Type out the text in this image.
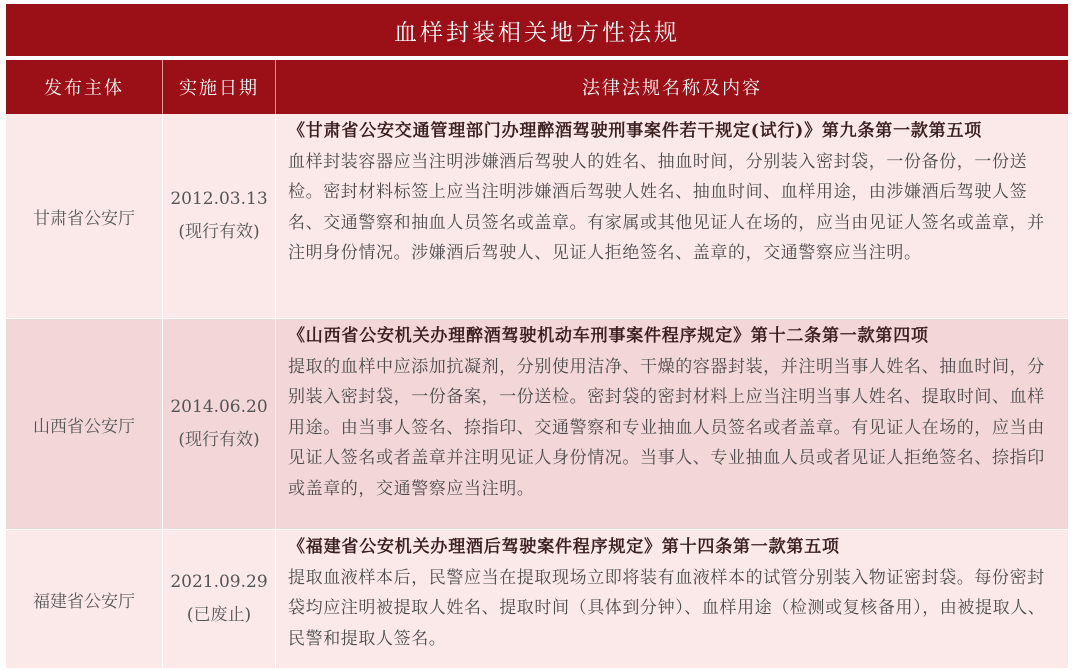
血样封装相关地方性法规
发布主体	实施日期	法律法规名称及内容
甘肃省公安厅
2012.03.13
(现行有效)
《甘肃省公安交通管理部门办理醉酒驾驶刑事案件若干规定(试行)》第九条第一款第五项
血样封装容器应当注明涉嫌酒后驾驶人的姓名、抽血时间，分别装入密封袋，一份备份，一份送检。密封材料标签上应当注明涉嫌酒后驾驶人姓名、抽血时间、血样用途，由涉嫌酒后驾驶人签名、交通警察和抽血人员签名或盖章。有家属或其他见证人在场的，应当由见证人签名或盖章，并注明身份情况。涉嫌酒后驾驶人、见证人拒绝签名、盖章的，交通警察应当注明。
山西省公安厅
2014.06.20
(现行有效)
《山西省公安机关办理醉酒驾驶机动车刑事案件程序规定》第十二条第一款第四项
提取的血样中应添加抗凝剂，分别使用洁净、干燥的容器封装，并注明当事人姓名、抽血时间，分别装入密封袋，一份备案，一份送检。密封袋的密封材料上应当注明当事人姓名、提取时间、血样用途。由当事人签名、捺指印、交通警察和专业抽血人员签名或者盖章。有见证人在场的，应当由见证人签名或者盖章并注明见证人身份情况。当事人、专业抽血人员或者见证人拒绝签名、捺指印或盖章的，交通警察应当注明。
福建省公安厅
2021.09.29
(已废止)
《福建省公安机关办理酒后驾驶案件程序规定》第十四条第一款第五项
提取血液样本后，民警应当在提取现场立即将装有血液样本的试管分别装入物证密封袋。每份密封袋均应注明被提取人姓名、提取时间（具体到分钟）、血样用途（检测或复核备用），由被提取人、民警和提取人签名。
